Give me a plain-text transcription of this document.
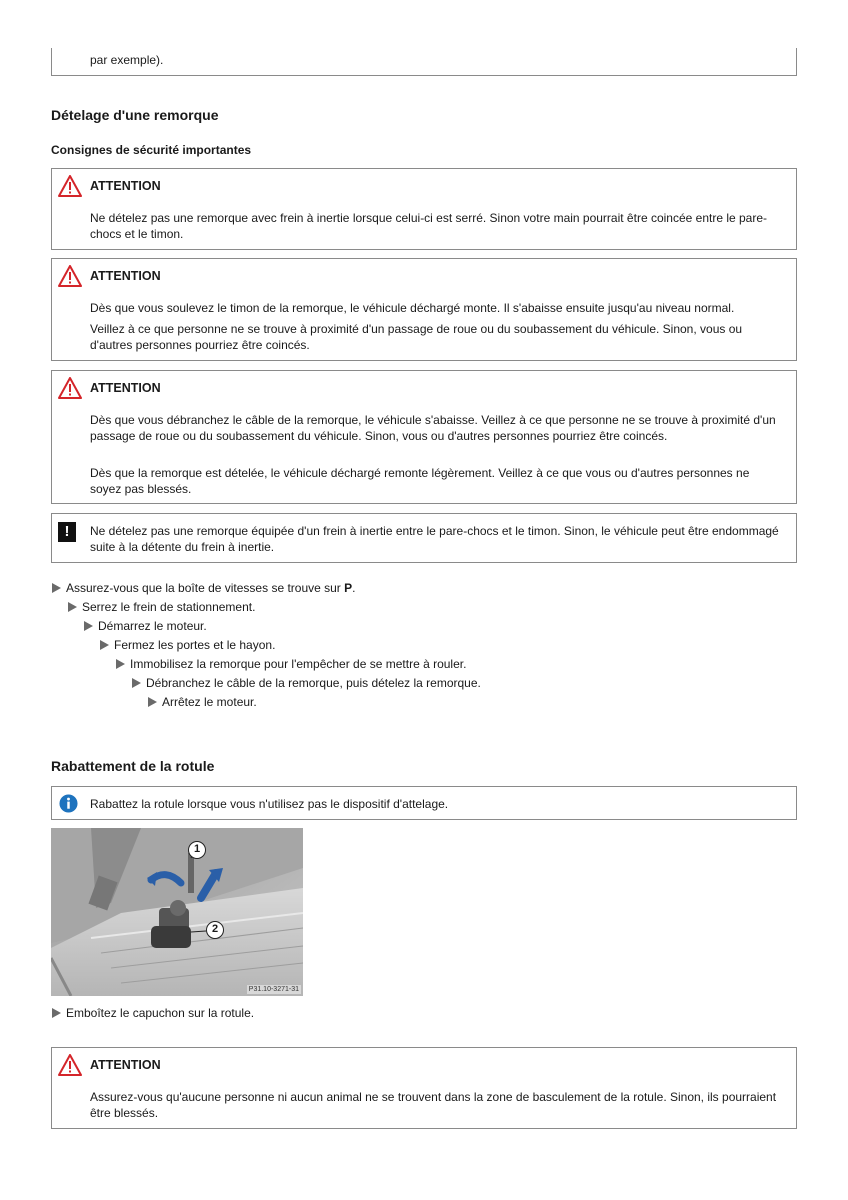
par exemple).
Dételage d'une remorque
Consignes de sécurité importantes
ATTENTION
Ne dételez pas une remorque avec frein à inertie lorsque celui-ci est serré. Sinon votre main pourrait être coincée entre le pare-chocs et le timon.
ATTENTION
Dès que vous soulevez le timon de la remorque, le véhicule déchargé monte. Il s'abaisse ensuite jusqu'au niveau normal.
Veillez à ce que personne ne se trouve à proximité d'un passage de roue ou du soubassement du véhicule. Sinon, vous ou d'autres personnes pourriez être coincés.
ATTENTION
Dès que vous débranchez le câble de la remorque, le véhicule s'abaisse. Veillez à ce que personne ne se trouve à proximité d'un passage de roue ou du soubassement du véhicule. Sinon, vous ou d'autres personnes pourriez être coincés.
Dès que la remorque est dételée, le véhicule déchargé remonte légèrement. Veillez à ce que vous ou d'autres personnes ne soyez pas blessés.
!	Ne dételez pas une remorque équipée d'un frein à inertie entre le pare-chocs et le timon. Sinon, le véhicule peut être endommagé suite à la détente du frein à inertie.
Assurez-vous que la boîte de vitesses se trouve sur P.
Serrez le frein de stationnement.
Démarrez le moteur.
Fermez les portes et le hayon.
Immobilisez la remorque pour l'empêcher de se mettre à rouler.
Débranchez le câble de la remorque, puis dételez la remorque.
Arrêtez le moteur.
Rabattement de la rotule
Rabattez la rotule lorsque vous n'utilisez pas le dispositif d'attelage.
1
2
P31.10-3271-31
Emboîtez le capuchon sur la rotule.
ATTENTION
Assurez-vous qu'aucune personne ni aucun animal ne se trouvent dans la zone de basculement de la rotule. Sinon, ils pourraient être blessés.
